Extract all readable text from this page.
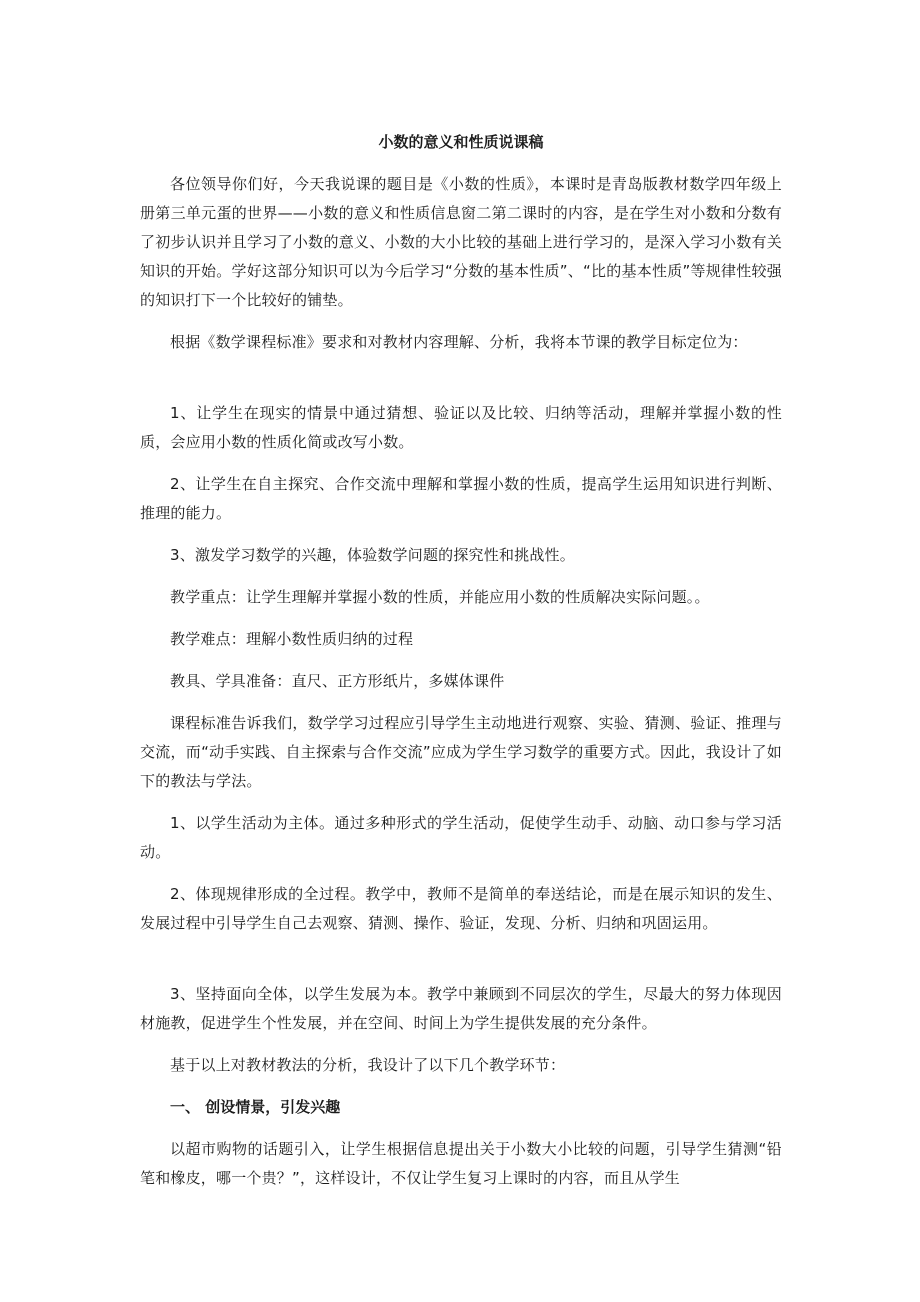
小数的意义和性质说课稿

各位领导你们好，今天我说课的题目是《小数的性质》，本课时是青岛版教材数学四年级上册第三单元蛋的世界——小数的意义和性质信息窗二第二课时的内容，是在学生对小数和分数有了初步认识并且学习了小数的意义、小数的大小比较的基础上进行学习的，是深入学习小数有关知识的开始。学好这部分知识可以为今后学习“分数的基本性质”、“比的基本性质”等规律性较强的知识打下一个比较好的铺垫。

根据《数学课程标准》要求和对教材内容理解、分析，我将本节课的教学目标定位为：

1、让学生在现实的情景中通过猜想、验证以及比较、归纳等活动，理解并掌握小数的性质，会应用小数的性质化简或改写小数。

2、让学生在自主探究、合作交流中理解和掌握小数的性质，提高学生运用知识进行判断、推理的能力。

3、激发学习数学的兴趣，体验数学问题的探究性和挑战性。

教学重点：让学生理解并掌握小数的性质，并能应用小数的性质解决实际问题。。

教学难点：理解小数性质归纳的过程

教具、学具准备：直尺、正方形纸片，多媒体课件

课程标准告诉我们，数学学习过程应引导学生主动地进行观察、实验、猜测、验证、推理与交流，而“动手实践、自主探索与合作交流”应成为学生学习数学的重要方式。因此，我设计了如下的教法与学法。

1、以学生活动为主体。通过多种形式的学生活动，促使学生动手、动脑、动口参与学习活动。

2、体现规律形成的全过程。教学中，教师不是简单的奉送结论，而是在展示知识的发生、发展过程中引导学生自己去观察、猜测、操作、验证，发现、分析、归纳和巩固运用。

3、坚持面向全体，以学生发展为本。教学中兼顾到不同层次的学生，尽最大的努力体现因材施教，促进学生个性发展，并在空间、时间上为学生提供发展的充分条件。

基于以上对教材教法的分析，我设计了以下几个教学环节：

一、 创设情景，引发兴趣

以超市购物的话题引入，让学生根据信息提出关于小数大小比较的问题，引导学生猜测“铅笔和橡皮，哪一个贵？”，这样设计，不仅让学生复习上课时的内容，而且从学生
